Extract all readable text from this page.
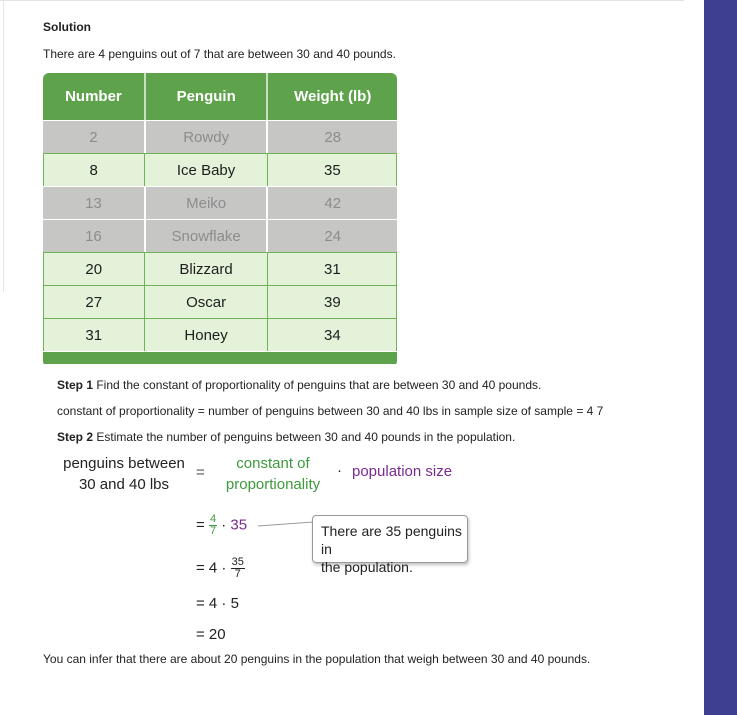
Solution
There are 4 penguins out of 7 that are between 30 and 40 pounds.
Number	Penguin	Weight (lb)
2	Rowdy	28
8	Ice Baby	35
13	Meiko	42
16	Snowflake	24
20	Blizzard	31
27	Oscar	39
31	Honey	34
Step 1 Find the constant of proportionality of penguins that are between 30 and 40 pounds.
constant of proportionality = number of penguins between 30 and 40 lbs in sample size of sample = 4 7
Step 2 Estimate the number of penguins between 30 and 40 pounds in the population.
penguins between
30 and 40 lbs
=
constant of
proportionality
· population size
= $\frac{4}{7} \cdot 35$	There are 35 penguins in
the population.
= $4 \cdot \frac{35}{7}$
= 4 · 5
= 20
You can infer that there are about 20 penguins in the population that weigh between 30 and 40 pounds.
